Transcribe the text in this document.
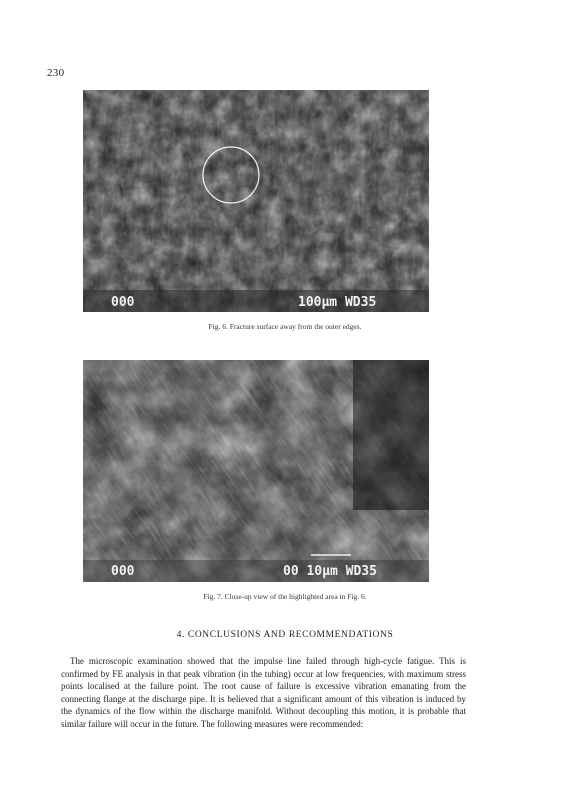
230
000	100µm WD35
Fig. 6. Fracture surface away from the outer edges.
000	00 10µm WD35
Fig. 7. Close-up view of the highlighted area in Fig. 6.
4. CONCLUSIONS AND RECOMMENDATIONS
The microscopic examination showed that the impulse line failed through high-cycle fatigue. This is confirmed by FE analysis in that peak vibration (in the tubing) occur at low frequencies, with maximum stress points localised at the failure point. The root cause of failure is excessive vibration emanating from the connecting flange at the discharge pipe. It is believed that a significant amount of this vibration is induced by the dynamics of the flow within the discharge manifold. Without decoupling this motion, it is probable that similar failure will occur in the future. The following measures were recommended:
